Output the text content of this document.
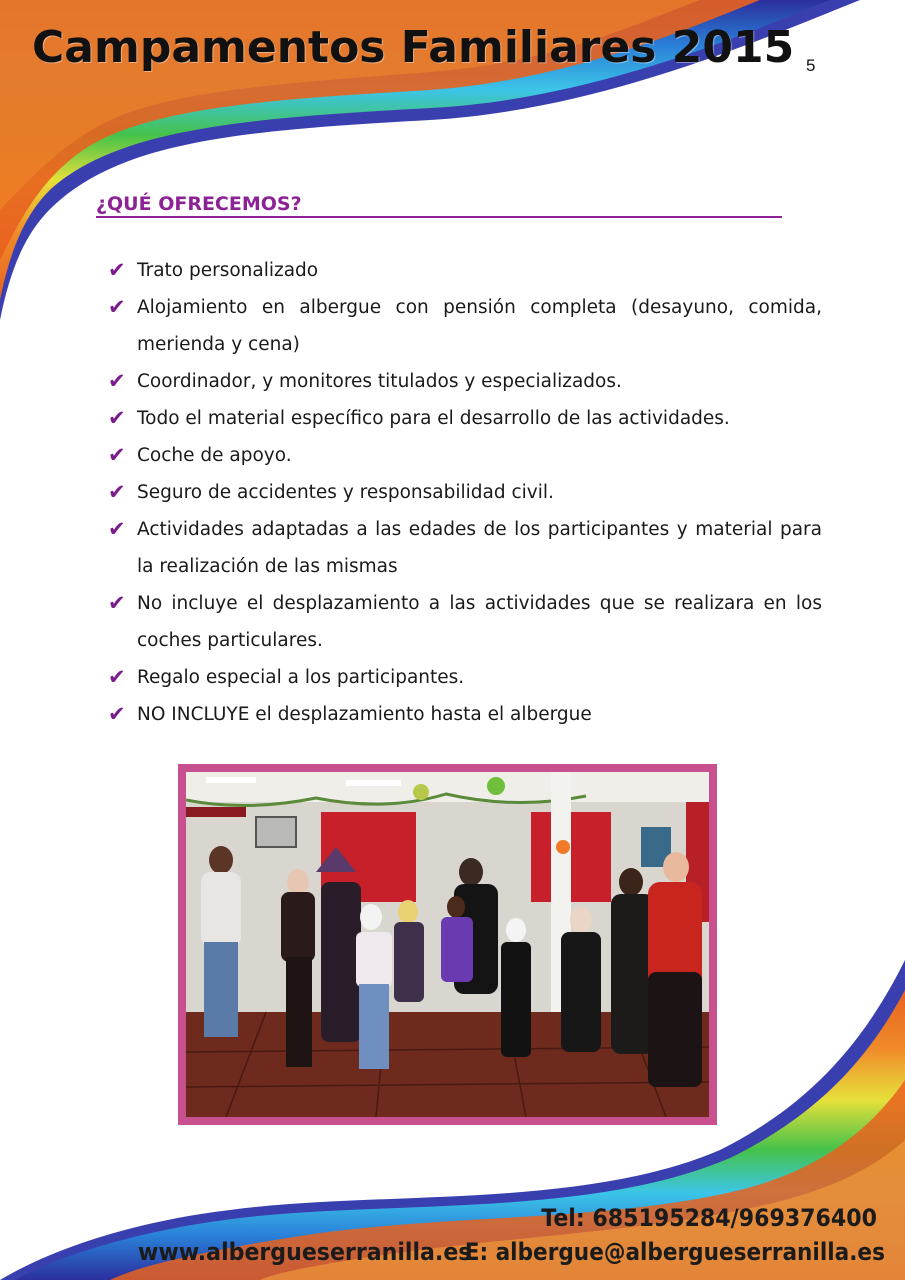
Campamentos Familiares 2015 5
¿QUÉ OFRECEMOS?
✔ Trato personalizado
✔ Alojamiento en albergue con pensión completa (desayuno, comida, merienda y cena)
✔ Coordinador, y monitores titulados y especializados.
✔ Todo el material específico para el desarrollo de las actividades.
✔ Coche de apoyo.
✔ Seguro de accidentes y responsabilidad civil.
✔ Actividades adaptadas a las edades de los participantes y material para la realización de las mismas
✔ No incluye el desplazamiento a las actividades que se realizara en los coches particulares.
✔ Regalo especial a los participantes.
✔ NO INCLUYE el desplazamiento hasta el albergue
Tel: 685195284/969376400
www.albergueserranilla.es
E: albergue@albergueserranilla.es
